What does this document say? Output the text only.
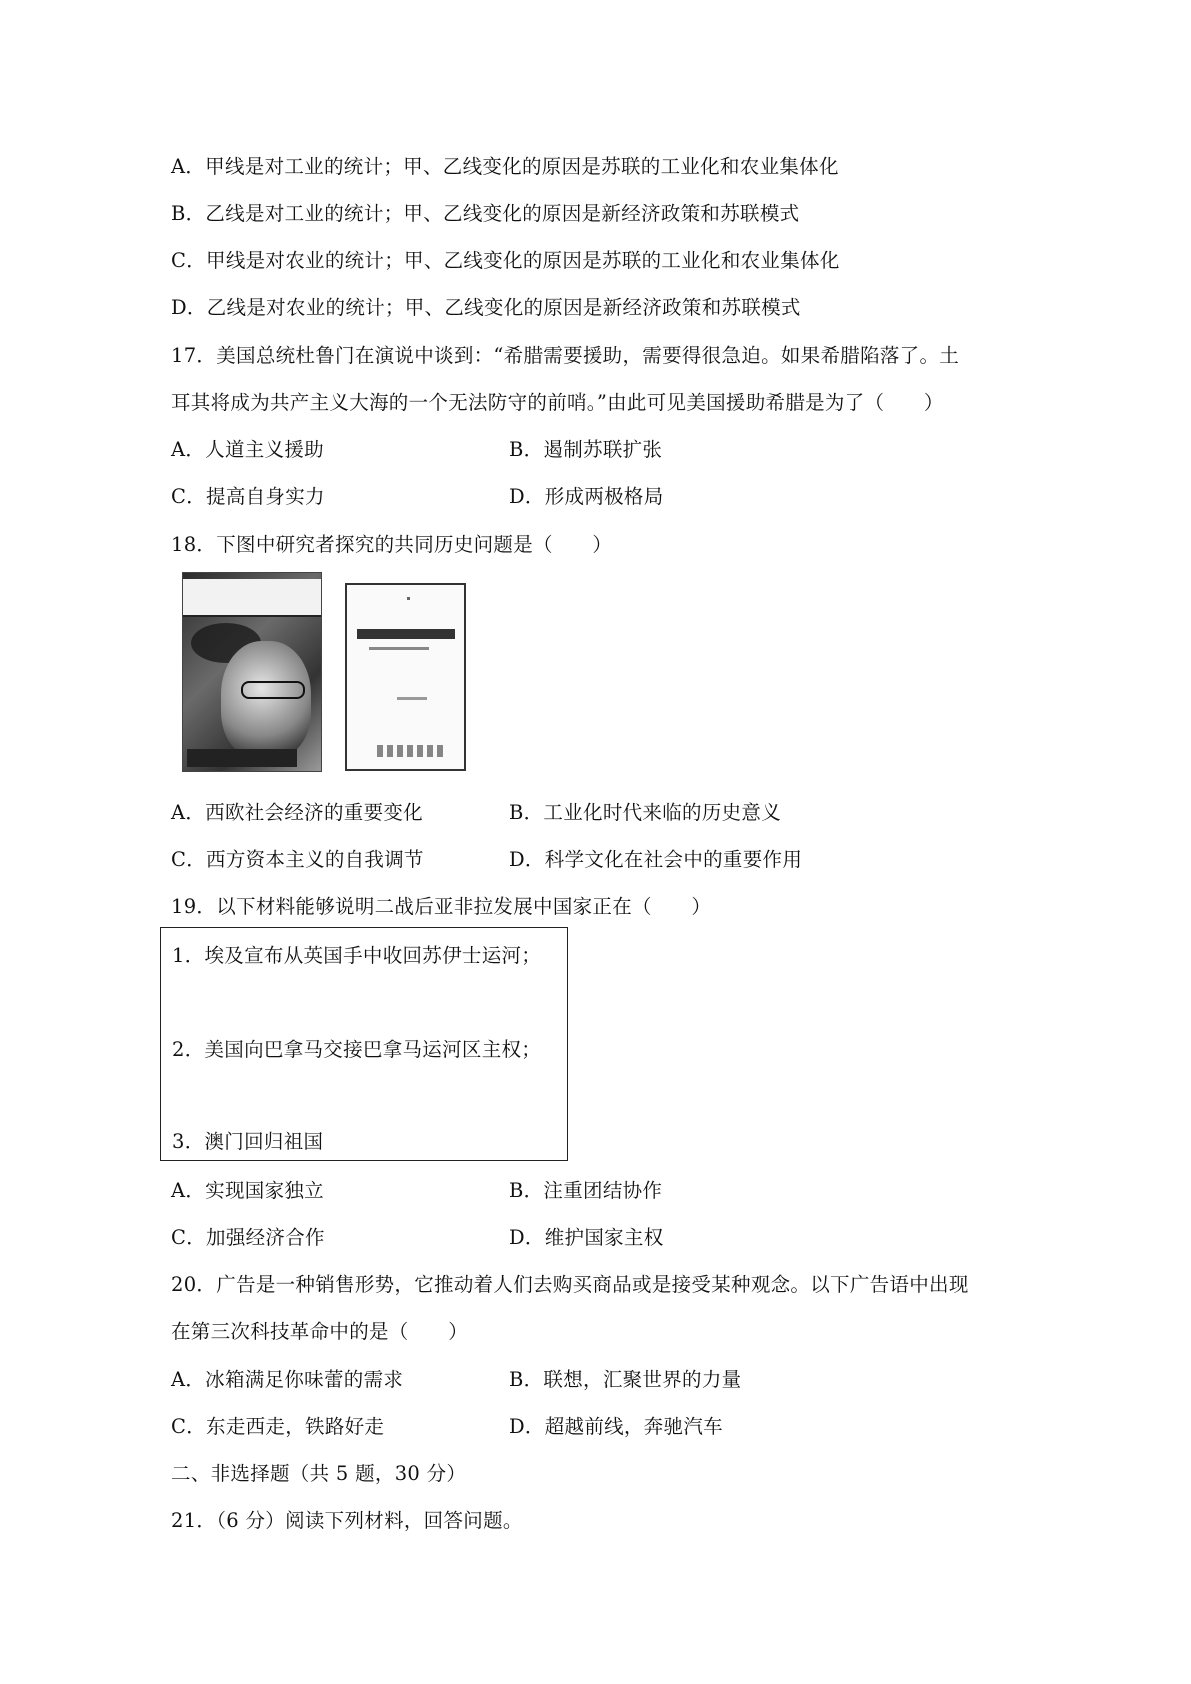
A．甲线是对工业的统计；甲、乙线变化的原因是苏联的工业化和农业集体化
B．乙线是对工业的统计；甲、乙线变化的原因是新经济政策和苏联模式
C．甲线是对农业的统计；甲、乙线变化的原因是苏联的工业化和农业集体化
D．乙线是对农业的统计；甲、乙线变化的原因是新经济政策和苏联模式
17．美国总统杜鲁门在演说中谈到：“希腊需要援助，需要得很急迫。如果希腊陷落了。土
耳其将成为共产主义大海的一个无法防守的前哨。”由此可见美国援助希腊是为了（　　）
A．人道主义援助	B．遏制苏联扩张
C．提高自身实力	D．形成两极格局
18．下图中研究者探究的共同历史问题是（　　）
A．西欧社会经济的重要变化	B．工业化时代来临的历史意义
C．西方资本主义的自我调节	D．科学文化在社会中的重要作用
19．以下材料能够说明二战后亚非拉发展中国家正在（　　）
1．埃及宣布从英国手中收回苏伊士运河；
2．美国向巴拿马交接巴拿马运河区主权；
3．澳门回归祖国
A．实现国家独立	B．注重团结协作
C．加强经济合作	D．维护国家主权
20．广告是一种销售形势，它推动着人们去购买商品或是接受某种观念。以下广告语中出现
在第三次科技革命中的是（　　）
A．冰箱满足你味蕾的需求	B．联想，汇聚世界的力量
C．东走西走，铁路好走	D．超越前线，奔驰汽车
二、非选择题（共 5 题，30 分）
21．（6 分）阅读下列材料，回答问题。
